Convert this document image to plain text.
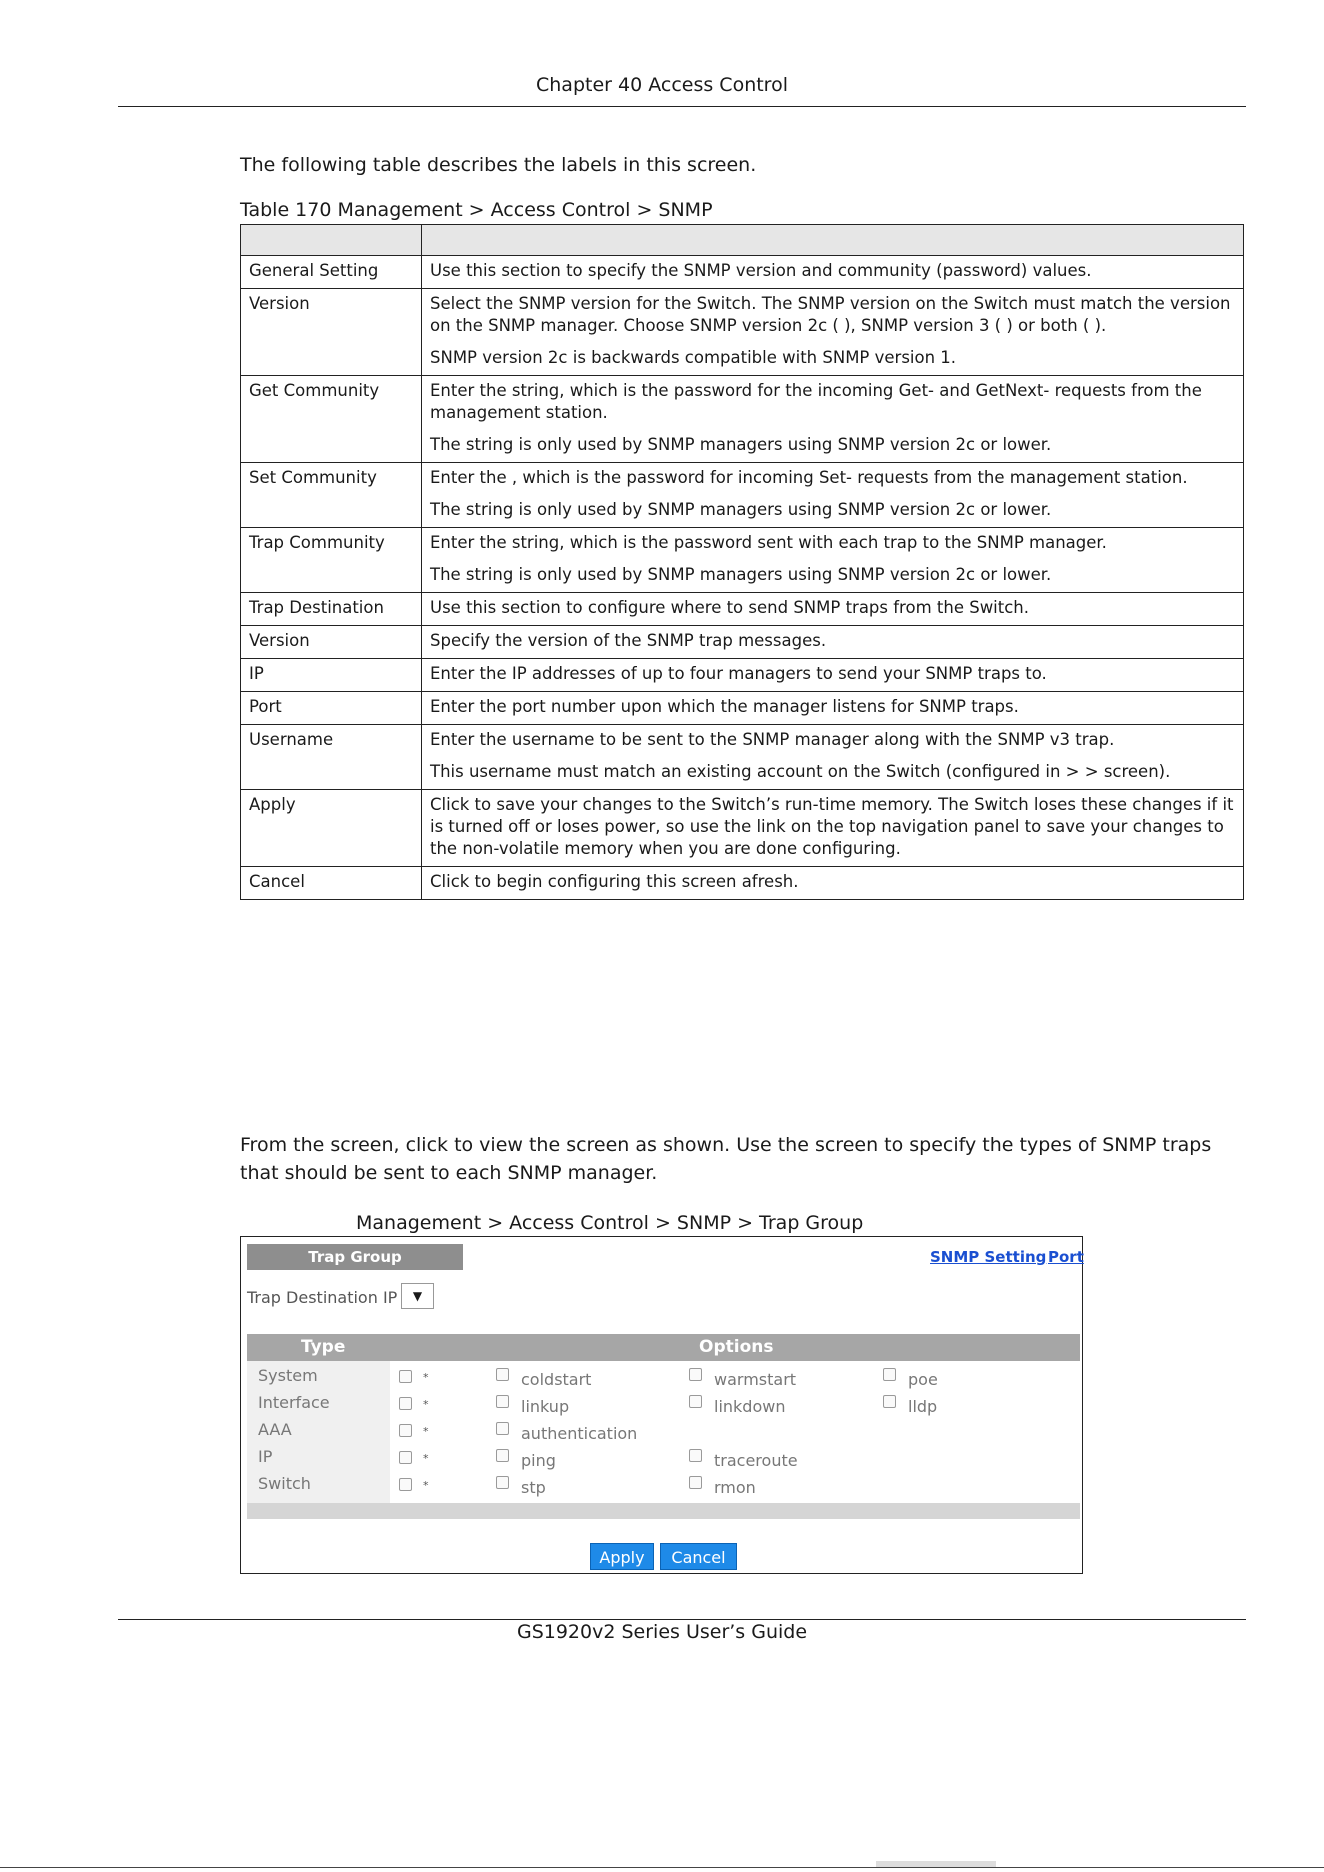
Chapter 40 Access Control
The following table describes the labels in this screen.
Table 170 Management > Access Control > SNMP

General Setting	Use this section to specify the SNMP version and community (password) values.

Version	Select the SNMP version for the Switch. The SNMP version on the Switch must match the version on the SNMP manager. Choose SNMP version 2c ( ), SNMP version 3 ( ) or both ( ).

SNMP version 2c is backwards compatible with SNMP version 1.

Get Community	Enter the string, which is the password for the incoming Get- and GetNext- requests from the management station.

The string is only used by SNMP managers using SNMP version 2c or lower.

Set Community	Enter the , which is the password for incoming Set- requests from the management station.

The string is only used by SNMP managers using SNMP version 2c or lower.

Trap Community	Enter the string, which is the password sent with each trap to the SNMP manager.

The string is only used by SNMP managers using SNMP version 2c or lower.

Trap Destination	Use this section to configure where to send SNMP traps from the Switch.

Version	Specify the version of the SNMP trap messages.

IP	Enter the IP addresses of up to four managers to send your SNMP traps to.

Port	Enter the port number upon which the manager listens for SNMP traps.

Username	Enter the username to be sent to the SNMP manager along with the SNMP v3 trap.

This username must match an existing account on the Switch (configured in > > screen).

Apply	Click to save your changes to the Switch’s run-time memory. The Switch loses these changes if it is turned off or loses power, so use the link on the top navigation panel to save your changes to the non-volatile memory when you are done configuring.

Cancel	Click to begin configuring this screen afresh.

From the screen, click to view the screen as shown. Use the screen to specify the types of SNMP traps that should be sent to each SNMP manager.
Management > Access Control > SNMP > Trap Group
Trap Group	SNMP Setting Port
Trap Destination IP	▼
Type	Options
System	*	coldstart	warmstart	poe
Interface	*	linkup	linkdown	lldp
AAA	*	authentication
IP	*	ping	traceroute
Switch	*	stp	rmon
Apply	Cancel
GS1920v2 Series User’s Guide
